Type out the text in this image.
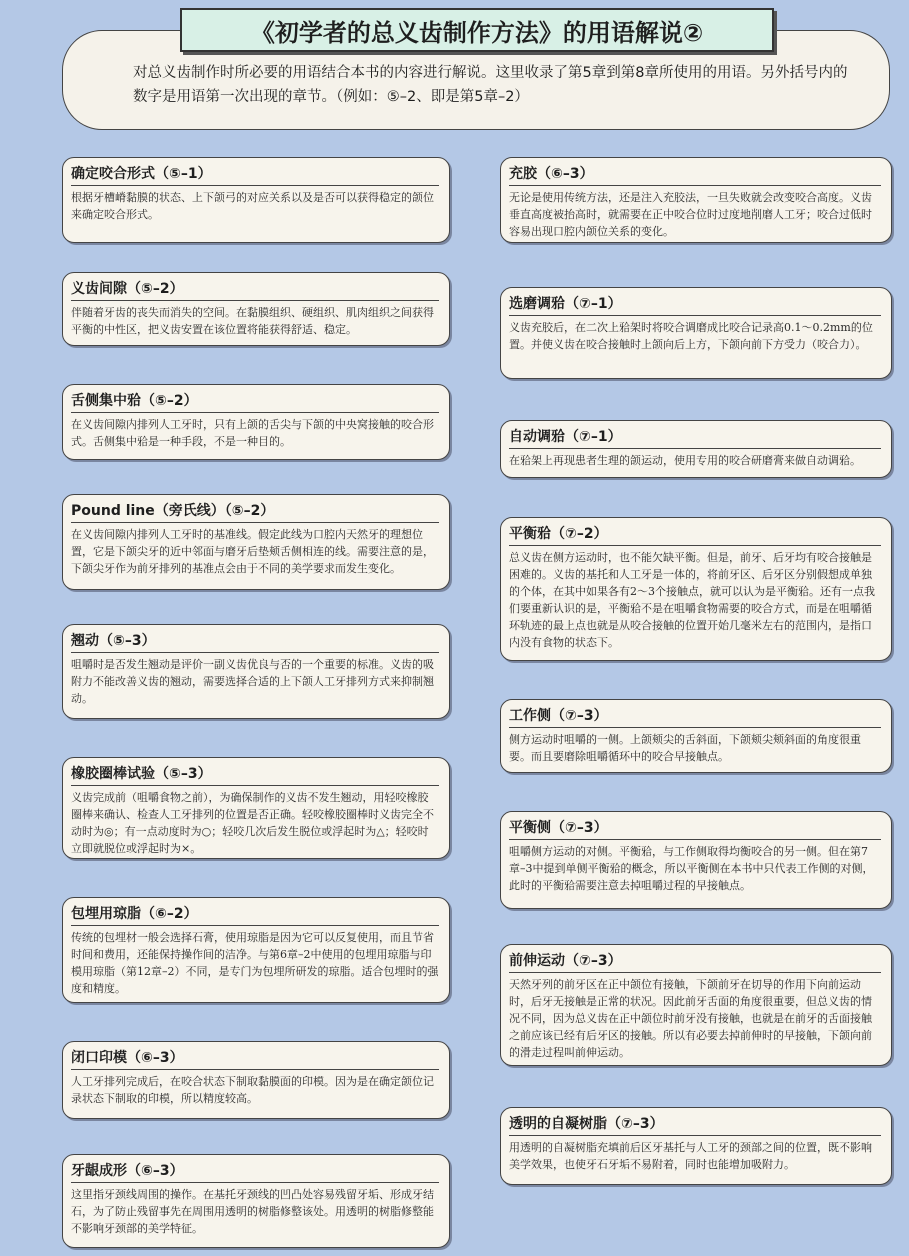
《初学者的总义齿制作方法》的用语解说②
对总义齿制作时所必要的用语结合本书的内容进行解说。这里收录了第5章到第8章所使用的用语。另外括号内的数字是用语第一次出现的章节。（例如：⑤–2、即是第5章–2）
确定咬合形式（⑤–1）
根据牙槽嵴黏膜的状态、上下颌弓的对应关系以及是否可以获得稳定的颌位来确定咬合形式。
义齿间隙（⑤–2）
伴随着牙齿的丧失而消失的空间。在黏膜组织、硬组织、肌肉组织之间获得平衡的中性区，把义齿安置在该位置将能获得舒适、稳定。
舌侧集中𬌗（⑤–2）
在义齿间隙内排列人工牙时，只有上颌的舌尖与下颌的中央窝接触的咬合形式。舌侧集中𬌗是一种手段，不是一种目的。
Pound line（旁氏线）（⑤–2）
在义齿间隙内排列人工牙时的基准线。假定此线为口腔内天然牙的理想位置，它是下颌尖牙的近中邻面与磨牙后垫颊舌侧相连的线。需要注意的是，下颌尖牙作为前牙排列的基准点会由于不同的美学要求而发生变化。
翘动（⑤–3）
咀嚼时是否发生翘动是评价一副义齿优良与否的一个重要的标准。义齿的吸附力不能改善义齿的翘动，需要选择合适的上下颌人工牙排列方式来抑制翘动。
橡胶圈棒试验（⑤–3）
义齿完成前（咀嚼食物之前），为确保制作的义齿不发生翘动，用轻咬橡胶圈棒来确认、检查人工牙排列的位置是否正确。轻咬橡胶圈棒时义齿完全不动时为◎；有一点动度时为○；轻咬几次后发生脱位或浮起时为△；轻咬时立即就脱位或浮起时为×。
包埋用琼脂（⑥–2）
传统的包埋材一般会选择石膏，使用琼脂是因为它可以反复使用，而且节省时间和费用，还能保持操作间的洁净。与第6章–2中使用的包埋用琼脂与印模用琼脂（第12章–2）不同，是专门为包埋所研发的琼脂。适合包埋时的强度和精度。
闭口印模（⑥–3）
人工牙排列完成后，在咬合状态下制取黏膜面的印模。因为是在确定颌位记录状态下制取的印模，所以精度较高。
牙龈成形（⑥–3）
这里指牙颈线周围的操作。在基托牙颈线的凹凸处容易残留牙垢、形成牙结石，为了防止残留事先在周围用透明的树脂修整该处。用透明的树脂修整能不影响牙颈部的美学特征。
充胶（⑥–3）
无论是使用传统方法，还是注入充胶法，一旦失败就会改变咬合高度。义齿垂直高度被抬高时，就需要在正中咬合位时过度地削磨人工牙；咬合过低时容易出现口腔内颌位关系的变化。
选磨调𬌗（⑦–1）
义齿充胶后，在二次上𬌗架时将咬合调磨成比咬合记录高0.1～0.2mm的位置。并使义齿在咬合接触时上颌向后上方，下颌向前下方受力（咬合力）。
自动调𬌗（⑦–1）
在𬌗架上再现患者生理的颌运动，使用专用的咬合研磨膏来做自动调𬌗。
平衡𬌗（⑦–2）
总义齿在侧方运动时，也不能欠缺平衡。但是，前牙、后牙均有咬合接触是困难的。义齿的基托和人工牙是一体的，将前牙区、后牙区分别假想成单独的个体，在其中如果各有2～3个接触点，就可以认为是平衡𬌗。还有一点我们要重新认识的是，平衡𬌗不是在咀嚼食物需要的咬合方式，而是在咀嚼循环轨迹的最上点也就是从咬合接触的位置开始几毫米左右的范围内，是指口内没有食物的状态下。
工作侧（⑦–3）
侧方运动时咀嚼的一侧。上颌颊尖的舌斜面，下颌颊尖颊斜面的角度很重要。而且要磨除咀嚼循环中的咬合早接触点。
平衡侧（⑦–3）
咀嚼侧方运动的对侧。平衡𬌗，与工作侧取得均衡咬合的另一侧。但在第7章–3中提到单侧平衡𬌗的概念，所以平衡侧在本书中只代表工作侧的对侧，此时的平衡𬌗需要注意去掉咀嚼过程的早接触点。
前伸运动（⑦–3）
天然牙列的前牙区在正中颌位有接触，下颌前牙在切导的作用下向前运动时，后牙无接触是正常的状况。因此前牙舌面的角度很重要，但总义齿的情况不同，因为总义齿在正中颌位时前牙没有接触，也就是在前牙的舌面接触之前应该已经有后牙区的接触。所以有必要去掉前伸时的早接触，下颌向前的滑走过程叫前伸运动。
透明的自凝树脂（⑦–3）
用透明的自凝树脂充填前后区牙基托与人工牙的颈部之间的位置，既不影响美学效果，也使牙石牙垢不易附着，同时也能增加吸附力。
